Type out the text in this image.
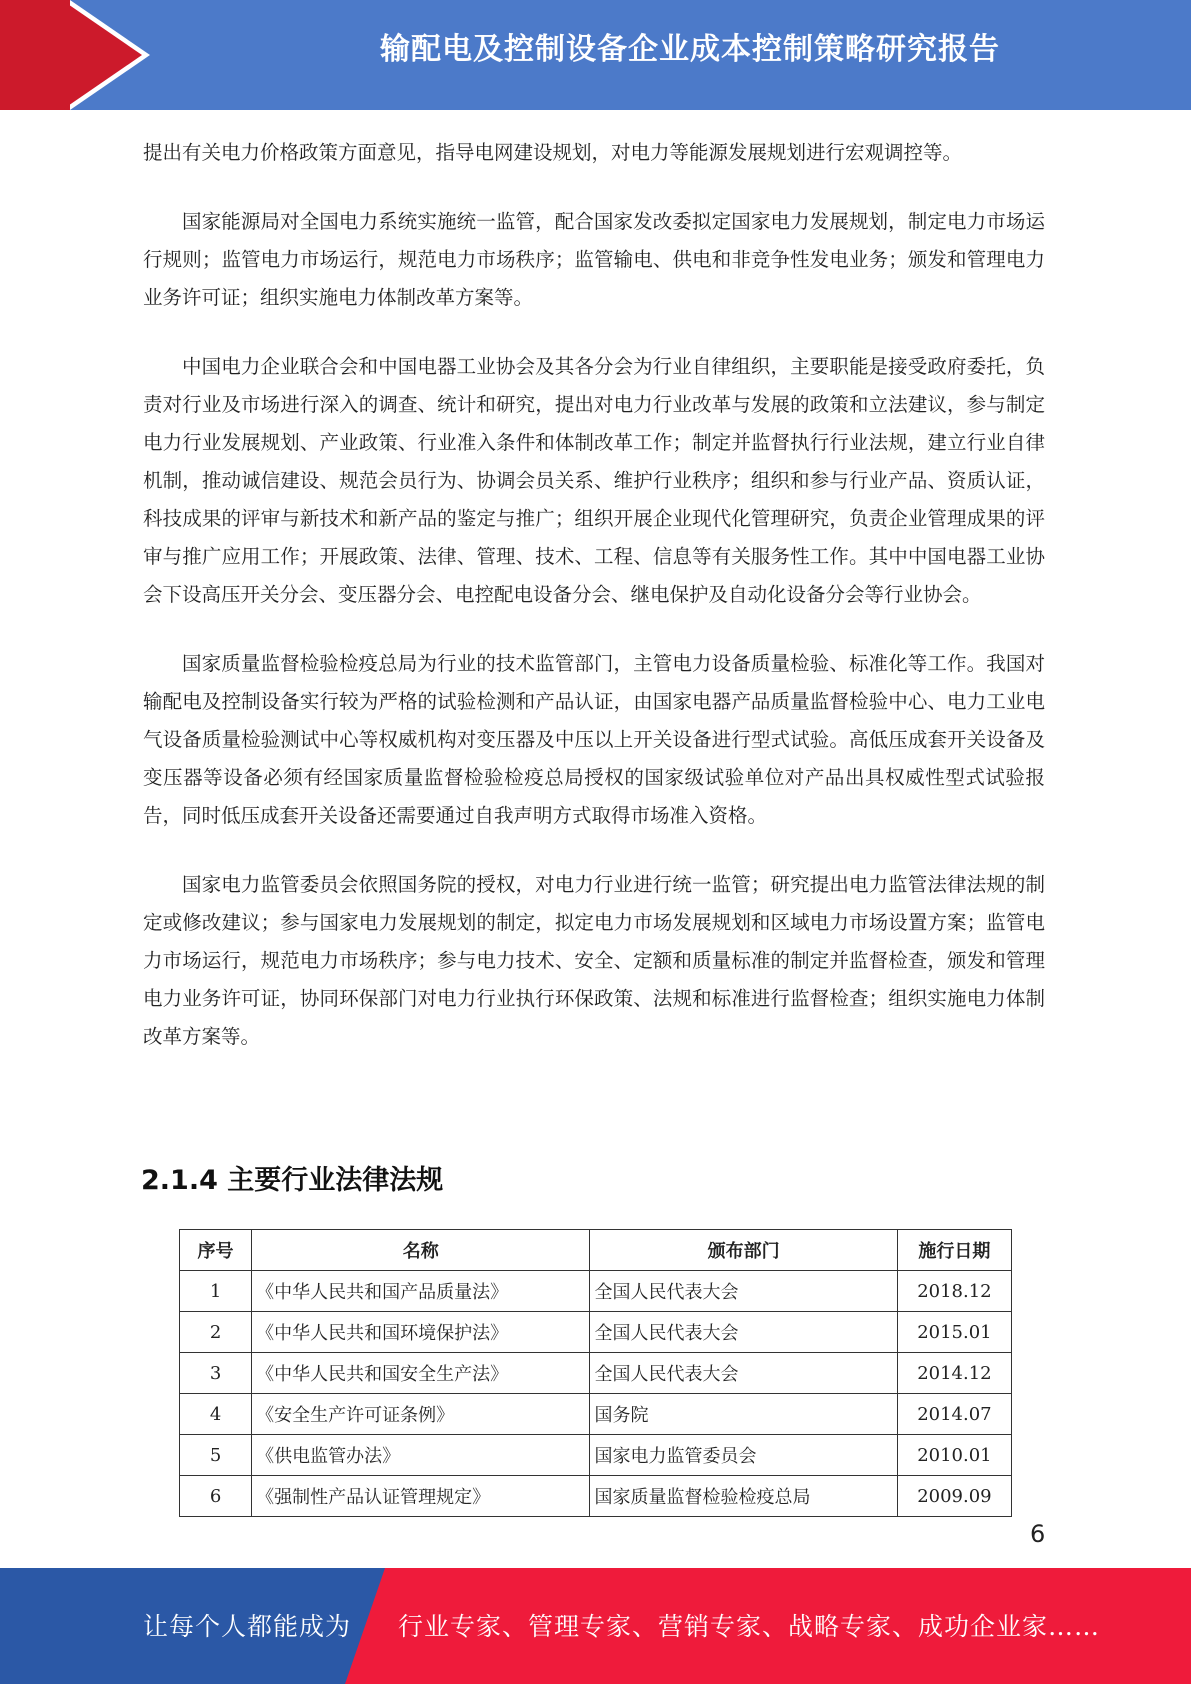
输配电及控制设备企业成本控制策略研究报告

提出有关电力价格政策方面意见，指导电网建设规划，对电力等能源发展规划进行宏观调控等。

国家能源局对全国电力系统实施统一监管，配合国家发改委拟定国家电力发展规划，制定电力市场运行规则；监管电力市场运行，规范电力市场秩序；监管输电、供电和非竞争性发电业务；颁发和管理电力业务许可证；组织实施电力体制改革方案等。

中国电力企业联合会和中国电器工业协会及其各分会为行业自律组织，主要职能是接受政府委托，负责对行业及市场进行深入的调查、统计和研究，提出对电力行业改革与发展的政策和立法建议，参与制定电力行业发展规划、产业政策、行业准入条件和体制改革工作；制定并监督执行行业法规，建立行业自律机制，推动诚信建设、规范会员行为、协调会员关系、维护行业秩序；组织和参与行业产品、资质认证，科技成果的评审与新技术和新产品的鉴定与推广；组织开展企业现代化管理研究，负责企业管理成果的评审与推广应用工作；开展政策、法律、管理、技术、工程、信息等有关服务性工作。其中中国电器工业协会下设高压开关分会、变压器分会、电控配电设备分会、继电保护及自动化设备分会等行业协会。

国家质量监督检验检疫总局为行业的技术监管部门，主管电力设备质量检验、标准化等工作。我国对输配电及控制设备实行较为严格的试验检测和产品认证，由国家电器产品质量监督检验中心、电力工业电气设备质量检验测试中心等权威机构对变压器及中压以上开关设备进行型式试验。高低压成套开关设备及变压器等设备必须有经国家质量监督检验检疫总局授权的国家级试验单位对产品出具权威性型式试验报告，同时低压成套开关设备还需要通过自我声明方式取得市场准入资格。

国家电力监管委员会依照国务院的授权，对电力行业进行统一监管；研究提出电力监管法律法规的制定或修改建议；参与国家电力发展规划的制定，拟定电力市场发展规划和区域电力市场设置方案；监管电力市场运行，规范电力市场秩序；参与电力技术、安全、定额和质量标准的制定并监督检查，颁发和管理电力业务许可证，协同环保部门对电力行业执行环保政策、法规和标准进行监督检查；组织实施电力体制改革方案等。

2.1.4 主要行业法律法规
序号	名称	颁布部门	施行日期
1	《中华人民共和国产品质量法》	全国人民代表大会	2018.12
2	《中华人民共和国环境保护法》	全国人民代表大会	2015.01
3	《中华人民共和国安全生产法》	全国人民代表大会	2014.12
4	《安全生产许可证条例》	国务院	2014.07
5	《供电监管办法》	国家电力监管委员会	2010.01
6	《强制性产品认证管理规定》	国家质量监督检验检疫总局	2009.09
6
让每个人都能成为 行业专家、管理专家、营销专家、战略专家、成功企业家……
